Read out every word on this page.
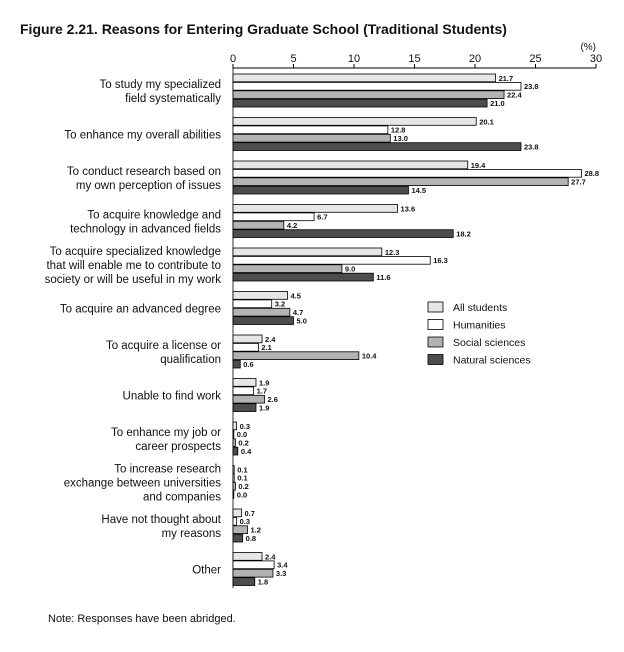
Figure 2.21. Reasons for Entering Graduate School (Traditional Students)
0	5	10	15	20	25	30
(%)
To study my specialized
field systematically
21.7
23.8
22.4
21.0
To enhance my overall abilities
20.1
12.8
13.0
23.8
To conduct research based on
my own perception of issues
19.4
28.8
27.7
14.5
To acquire knowledge and
technology in advanced fields
13.6
6.7
4.2
18.2
To acquire specialized knowledge
that will enable me to contribute to
society or will be useful in my work
12.3
16.3
9.0
11.6
To acquire an advanced degree
4.5
3.2
4.7
5.0
To acquire a license or
qualification
2.4
2.1
10.4
0.6
Unable to find work
1.9
1.7
2.6
1.9
To enhance my job or
career prospects
0.3
0.0
0.2
0.4
To increase research
exchange between universities
and companies
0.1
0.1
0.2
0.0
Have not thought about
my reasons
0.7
0.3
1.2
0.8
Other
2.4
3.4
3.3
1.8
All students
Humanities
Social sciences
Natural sciences
Note: Responses have been abridged.
